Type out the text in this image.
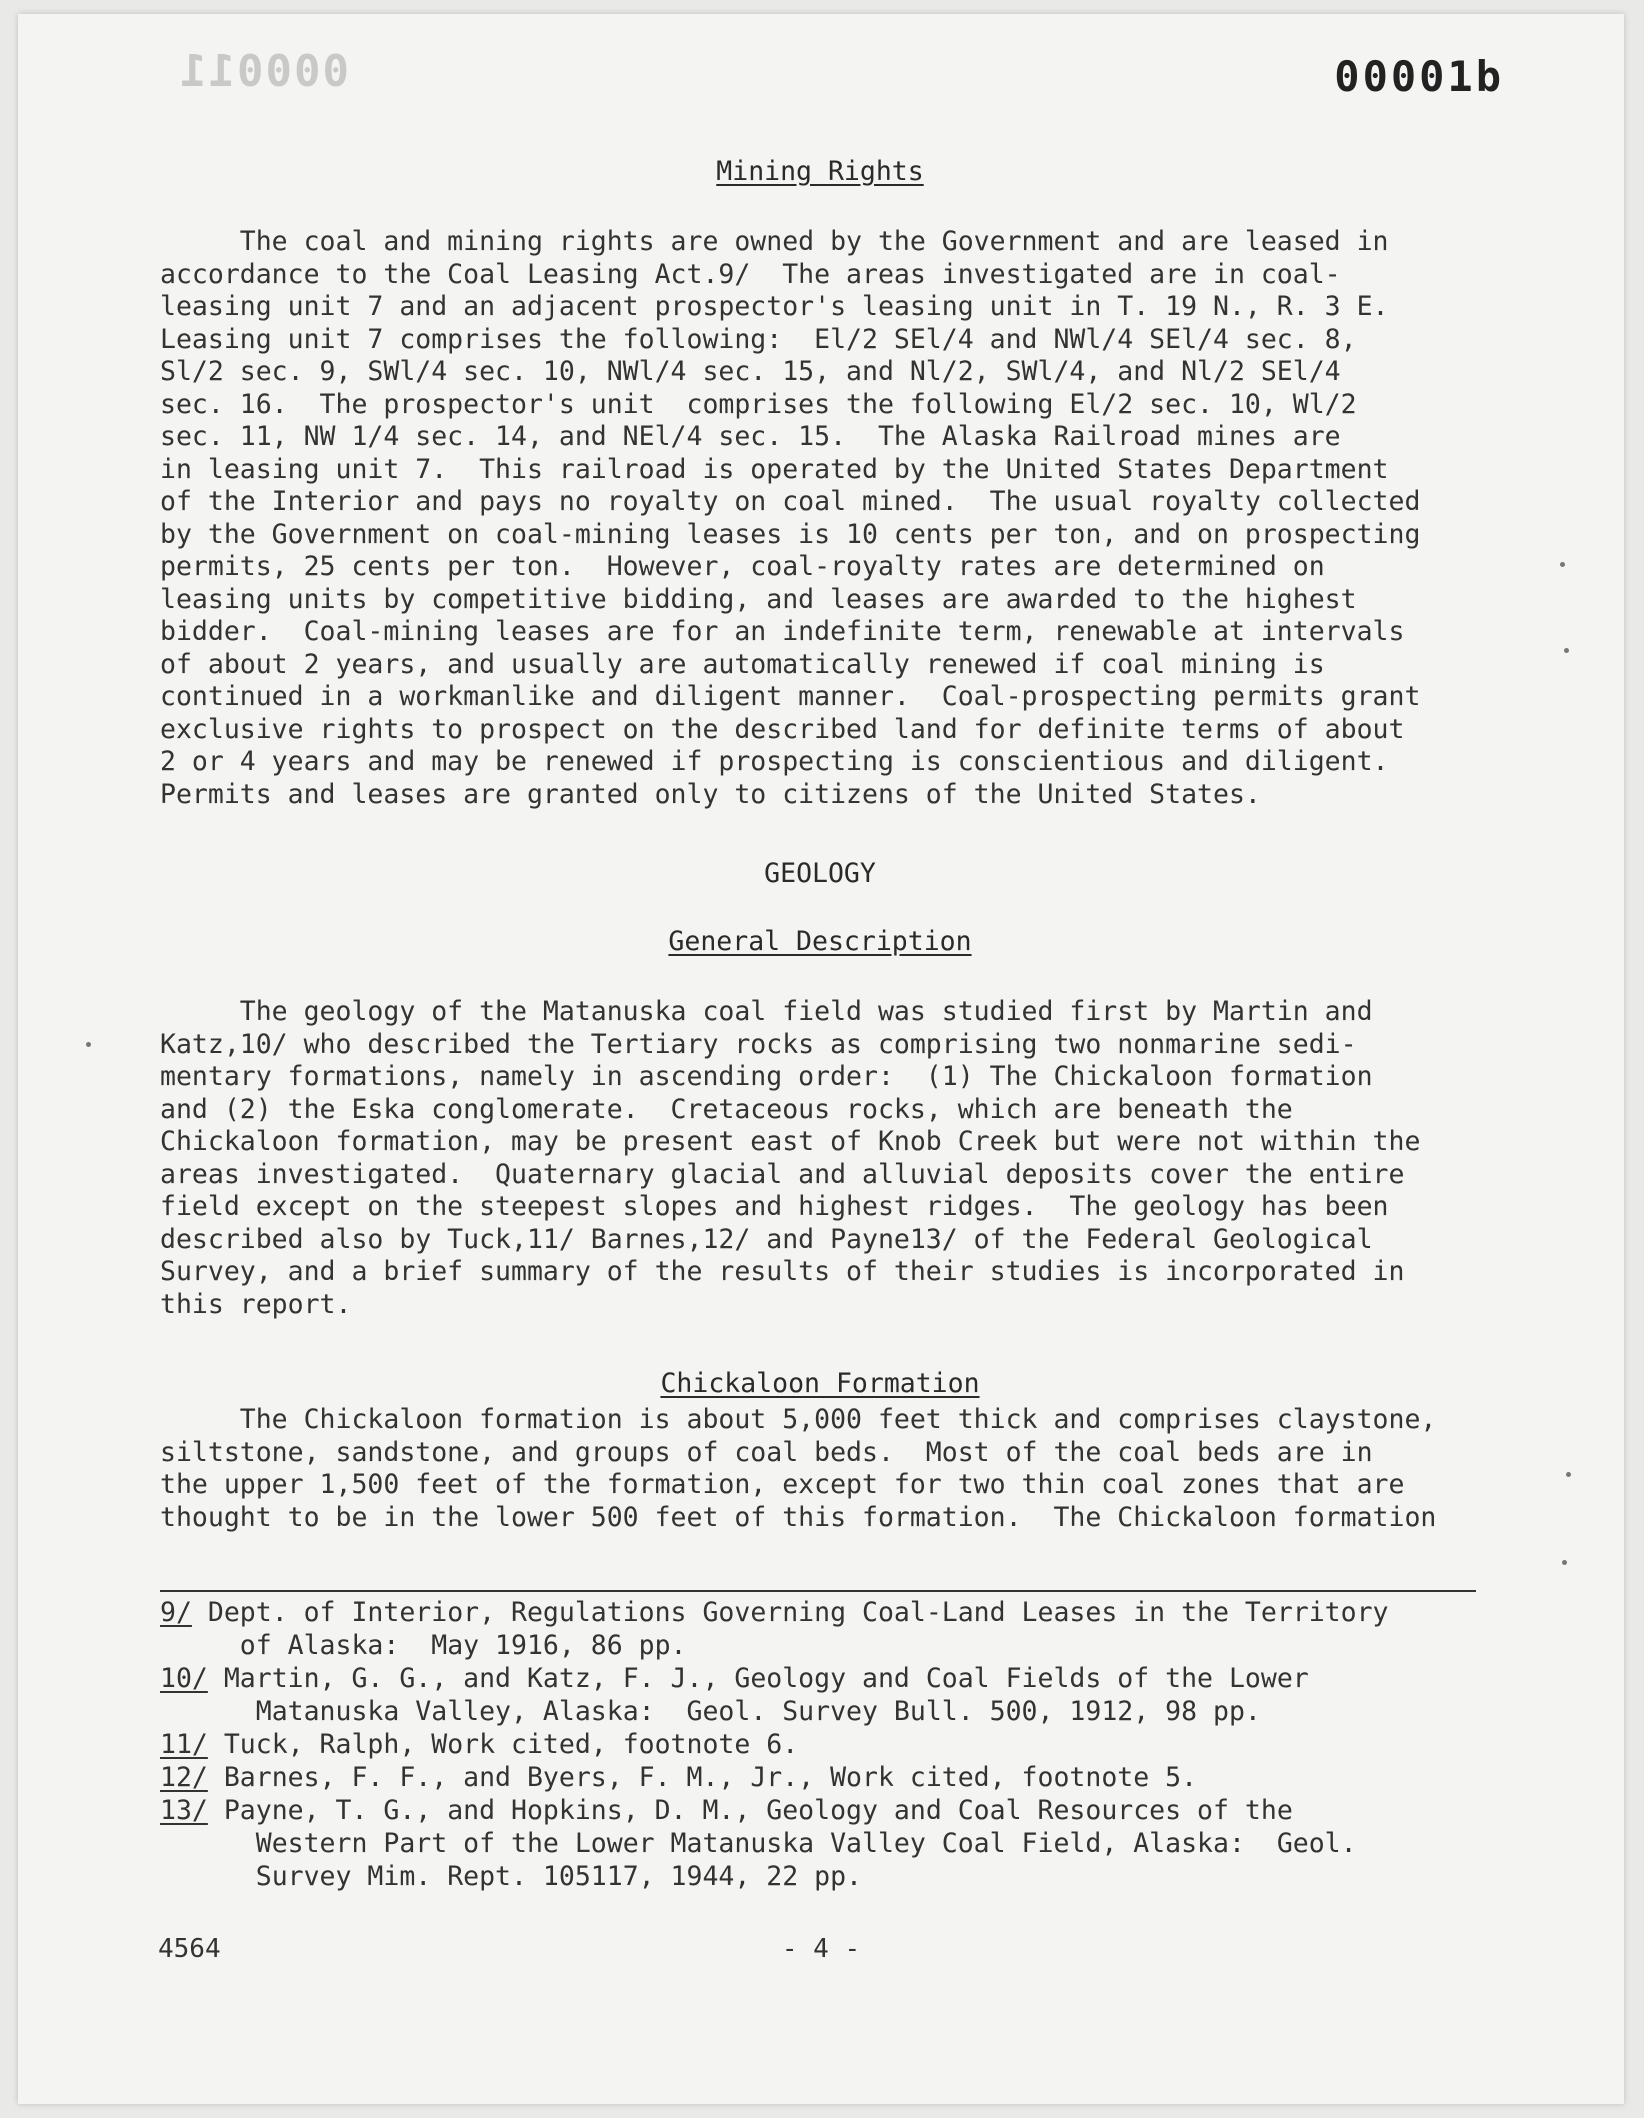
000011	00001b
Mining Rights
The coal and mining rights are owned by the Government and are leased in
accordance to the Coal Leasing Act.9/  The areas investigated are in coal-
leasing unit 7 and an adjacent prospector's leasing unit in T. 19 N., R. 3 E.
Leasing unit 7 comprises the following:  El/2 SEl/4 and NWl/4 SEl/4 sec. 8,
Sl/2 sec. 9, SWl/4 sec. 10, NWl/4 sec. 15, and Nl/2, SWl/4, and Nl/2 SEl/4
sec. 16.  The prospector's unit  comprises the following El/2 sec. 10, Wl/2
sec. 11, NW 1/4 sec. 14, and NEl/4 sec. 15.  The Alaska Railroad mines are
in leasing unit 7.  This railroad is operated by the United States Department
of the Interior and pays no royalty on coal mined.  The usual royalty collected
by the Government on coal-mining leases is 10 cents per ton, and on prospecting
permits, 25 cents per ton.  However, coal-royalty rates are determined on
leasing units by competitive bidding, and leases are awarded to the highest
bidder.  Coal-mining leases are for an indefinite term, renewable at intervals
of about 2 years, and usually are automatically renewed if coal mining is
continued in a workmanlike and diligent manner.  Coal-prospecting permits grant
exclusive rights to prospect on the described land for definite terms of about
2 or 4 years and may be renewed if prospecting is conscientious and diligent.
Permits and leases are granted only to citizens of the United States.
GEOLOGY
General Description
The geology of the Matanuska coal field was studied first by Martin and
Katz,10/ who described the Tertiary rocks as comprising two nonmarine sedi-
mentary formations, namely in ascending order:  (1) The Chickaloon formation
and (2) the Eska conglomerate.  Cretaceous rocks, which are beneath the
Chickaloon formation, may be present east of Knob Creek but were not within the
areas investigated.  Quaternary glacial and alluvial deposits cover the entire
field except on the steepest slopes and highest ridges.  The geology has been
described also by Tuck,11/ Barnes,12/ and Payne13/ of the Federal Geological
Survey, and a brief summary of the results of their studies is incorporated in
this report.
Chickaloon Formation
The Chickaloon formation is about 5,000 feet thick and comprises claystone,
siltstone, sandstone, and groups of coal beds.  Most of the coal beds are in
the upper 1,500 feet of the formation, except for two thin coal zones that are
thought to be in the lower 500 feet of this formation.  The Chickaloon formation
9/ Dept. of Interior, Regulations Governing Coal-Land Leases in the Territory
of Alaska:  May 1916, 86 pp.
10/ Martin, G. G., and Katz, F. J., Geology and Coal Fields of the Lower
Matanuska Valley, Alaska:  Geol. Survey Bull. 500, 1912, 98 pp.
11/ Tuck, Ralph, Work cited, footnote 6.
12/ Barnes, F. F., and Byers, F. M., Jr., Work cited, footnote 5.
13/ Payne, T. G., and Hopkins, D. M., Geology and Coal Resources of the
Western Part of the Lower Matanuska Valley Coal Field, Alaska:  Geol.
Survey Mim. Rept. 105117, 1944, 22 pp.
4564	- 4 -
